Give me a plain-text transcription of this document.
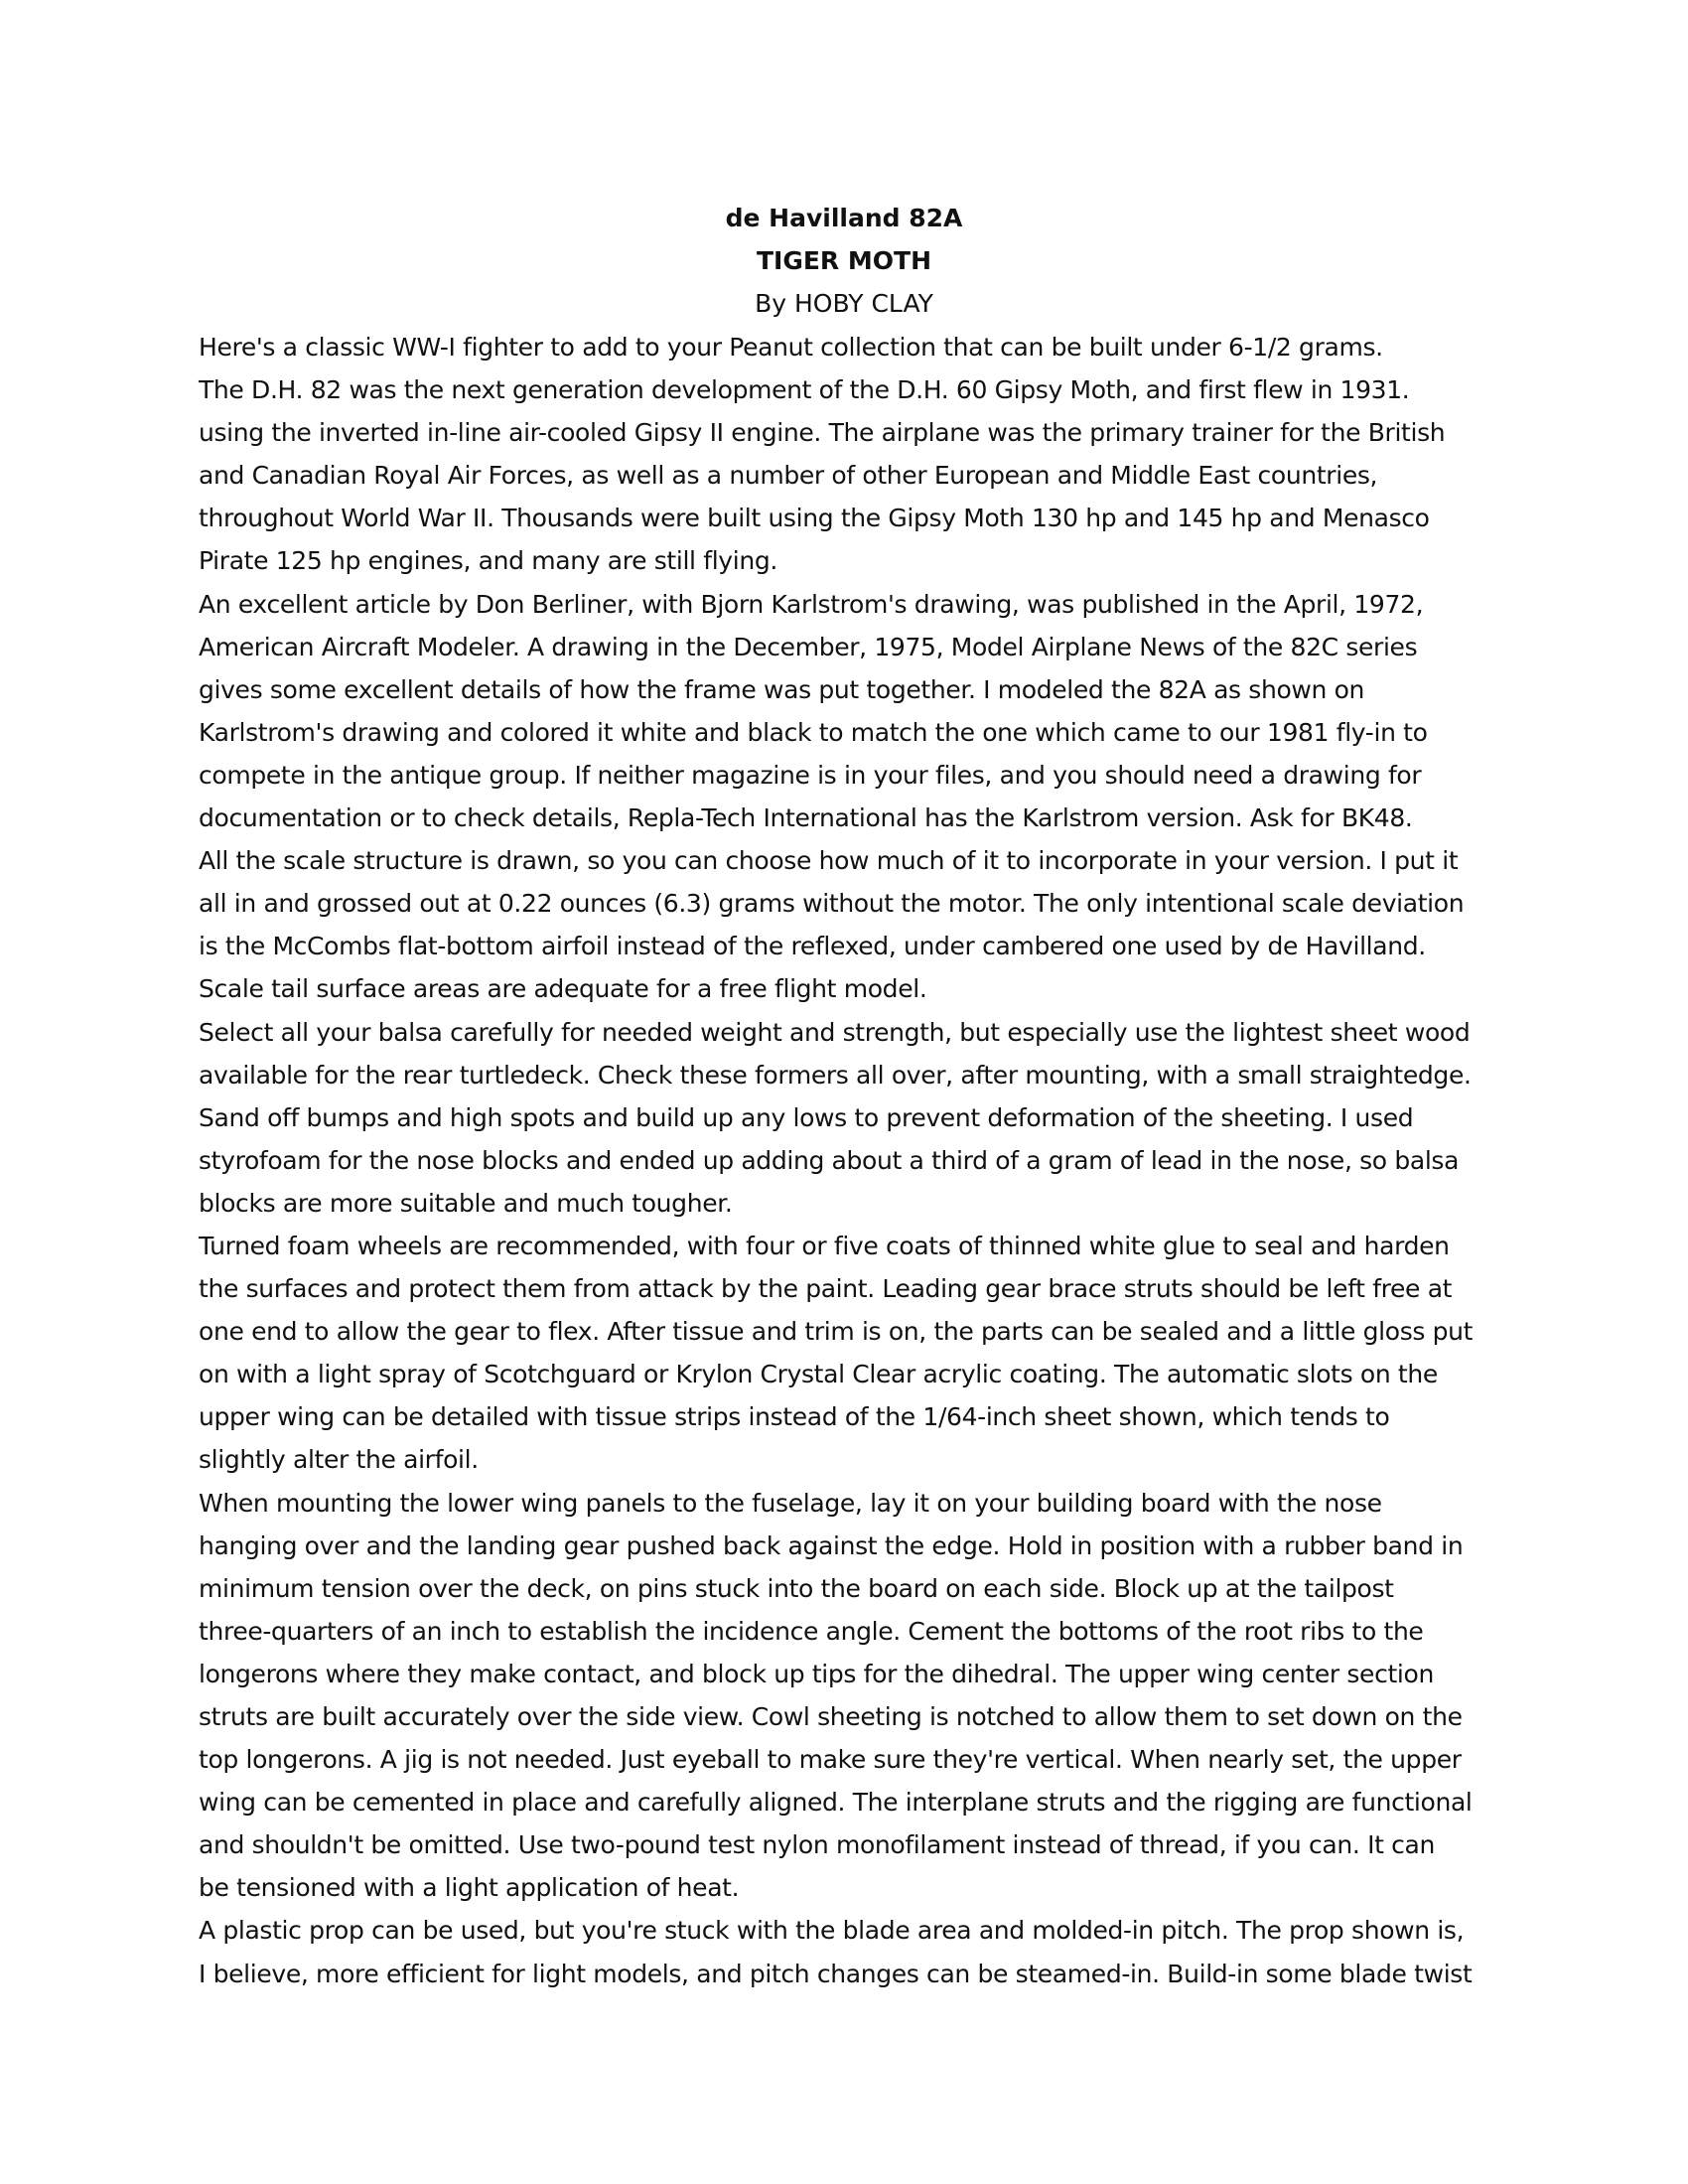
de Havilland 82A
TIGER MOTH
By HOBY CLAY
Here's a classic WW-I fighter to add to your Peanut collection that can be built under 6-1/2 grams.
The D.H. 82 was the next generation development of the D.H. 60 Gipsy Moth, and first flew in 1931.
using the inverted in-line air-cooled Gipsy II engine. The airplane was the primary trainer for the British
and Canadian Royal Air Forces, as well as a number of other European and Middle East countries,
throughout World War II. Thousands were built using the Gipsy Moth 130 hp and 145 hp and Menasco
Pirate 125 hp engines, and many are still flying.
An excellent article by Don Berliner, with Bjorn Karlstrom's drawing, was published in the April, 1972,
American Aircraft Modeler. A drawing in the December, 1975, Model Airplane News of the 82C series
gives some excellent details of how the frame was put together. I modeled the 82A as shown on
Karlstrom's drawing and colored it white and black to match the one which came to our 1981 fly-in to
compete in the antique group. If neither magazine is in your files, and you should need a drawing for
documentation or to check details, Repla-Tech International has the Karlstrom version. Ask for BK48.
All the scale structure is drawn, so you can choose how much of it to incorporate in your version. I put it
all in and grossed out at 0.22 ounces (6.3) grams without the motor. The only intentional scale deviation
is the McCombs flat-bottom airfoil instead of the reflexed, under cambered one used by de Havilland.
Scale tail surface areas are adequate for a free flight model.
Select all your balsa carefully for needed weight and strength, but especially use the lightest sheet wood
available for the rear turtledeck. Check these formers all over, after mounting, with a small straightedge.
Sand off bumps and high spots and build up any lows to prevent deformation of the sheeting. I used
styrofoam for the nose blocks and ended up adding about a third of a gram of lead in the nose, so balsa
blocks are more suitable and much tougher.
Turned foam wheels are recommended, with four or five coats of thinned white glue to seal and harden
the surfaces and protect them from attack by the paint. Leading gear brace struts should be left free at
one end to allow the gear to flex. After tissue and trim is on, the parts can be sealed and a little gloss put
on with a light spray of Scotchguard or Krylon Crystal Clear acrylic coating. The automatic slots on the
upper wing can be detailed with tissue strips instead of the 1/64-inch sheet shown, which tends to
slightly alter the airfoil.
When mounting the lower wing panels to the fuselage, lay it on your building board with the nose
hanging over and the landing gear pushed back against the edge. Hold in position with a rubber band in
minimum tension over the deck, on pins stuck into the board on each side. Block up at the tailpost
three-quarters of an inch to establish the incidence angle. Cement the bottoms of the root ribs to the
longerons where they make contact, and block up tips for the dihedral. The upper wing center section
struts are built accurately over the side view. Cowl sheeting is notched to allow them to set down on the
top longerons. A jig is not needed. Just eyeball to make sure they're vertical. When nearly set, the upper
wing can be cemented in place and carefully aligned. The interplane struts and the rigging are functional
and shouldn't be omitted. Use two-pound test nylon monofilament instead of thread, if you can. It can
be tensioned with a light application of heat.
A plastic prop can be used, but you're stuck with the blade area and molded-in pitch. The prop shown is,
I believe, more efficient for light models, and pitch changes can be steamed-in. Build-in some blade twist
